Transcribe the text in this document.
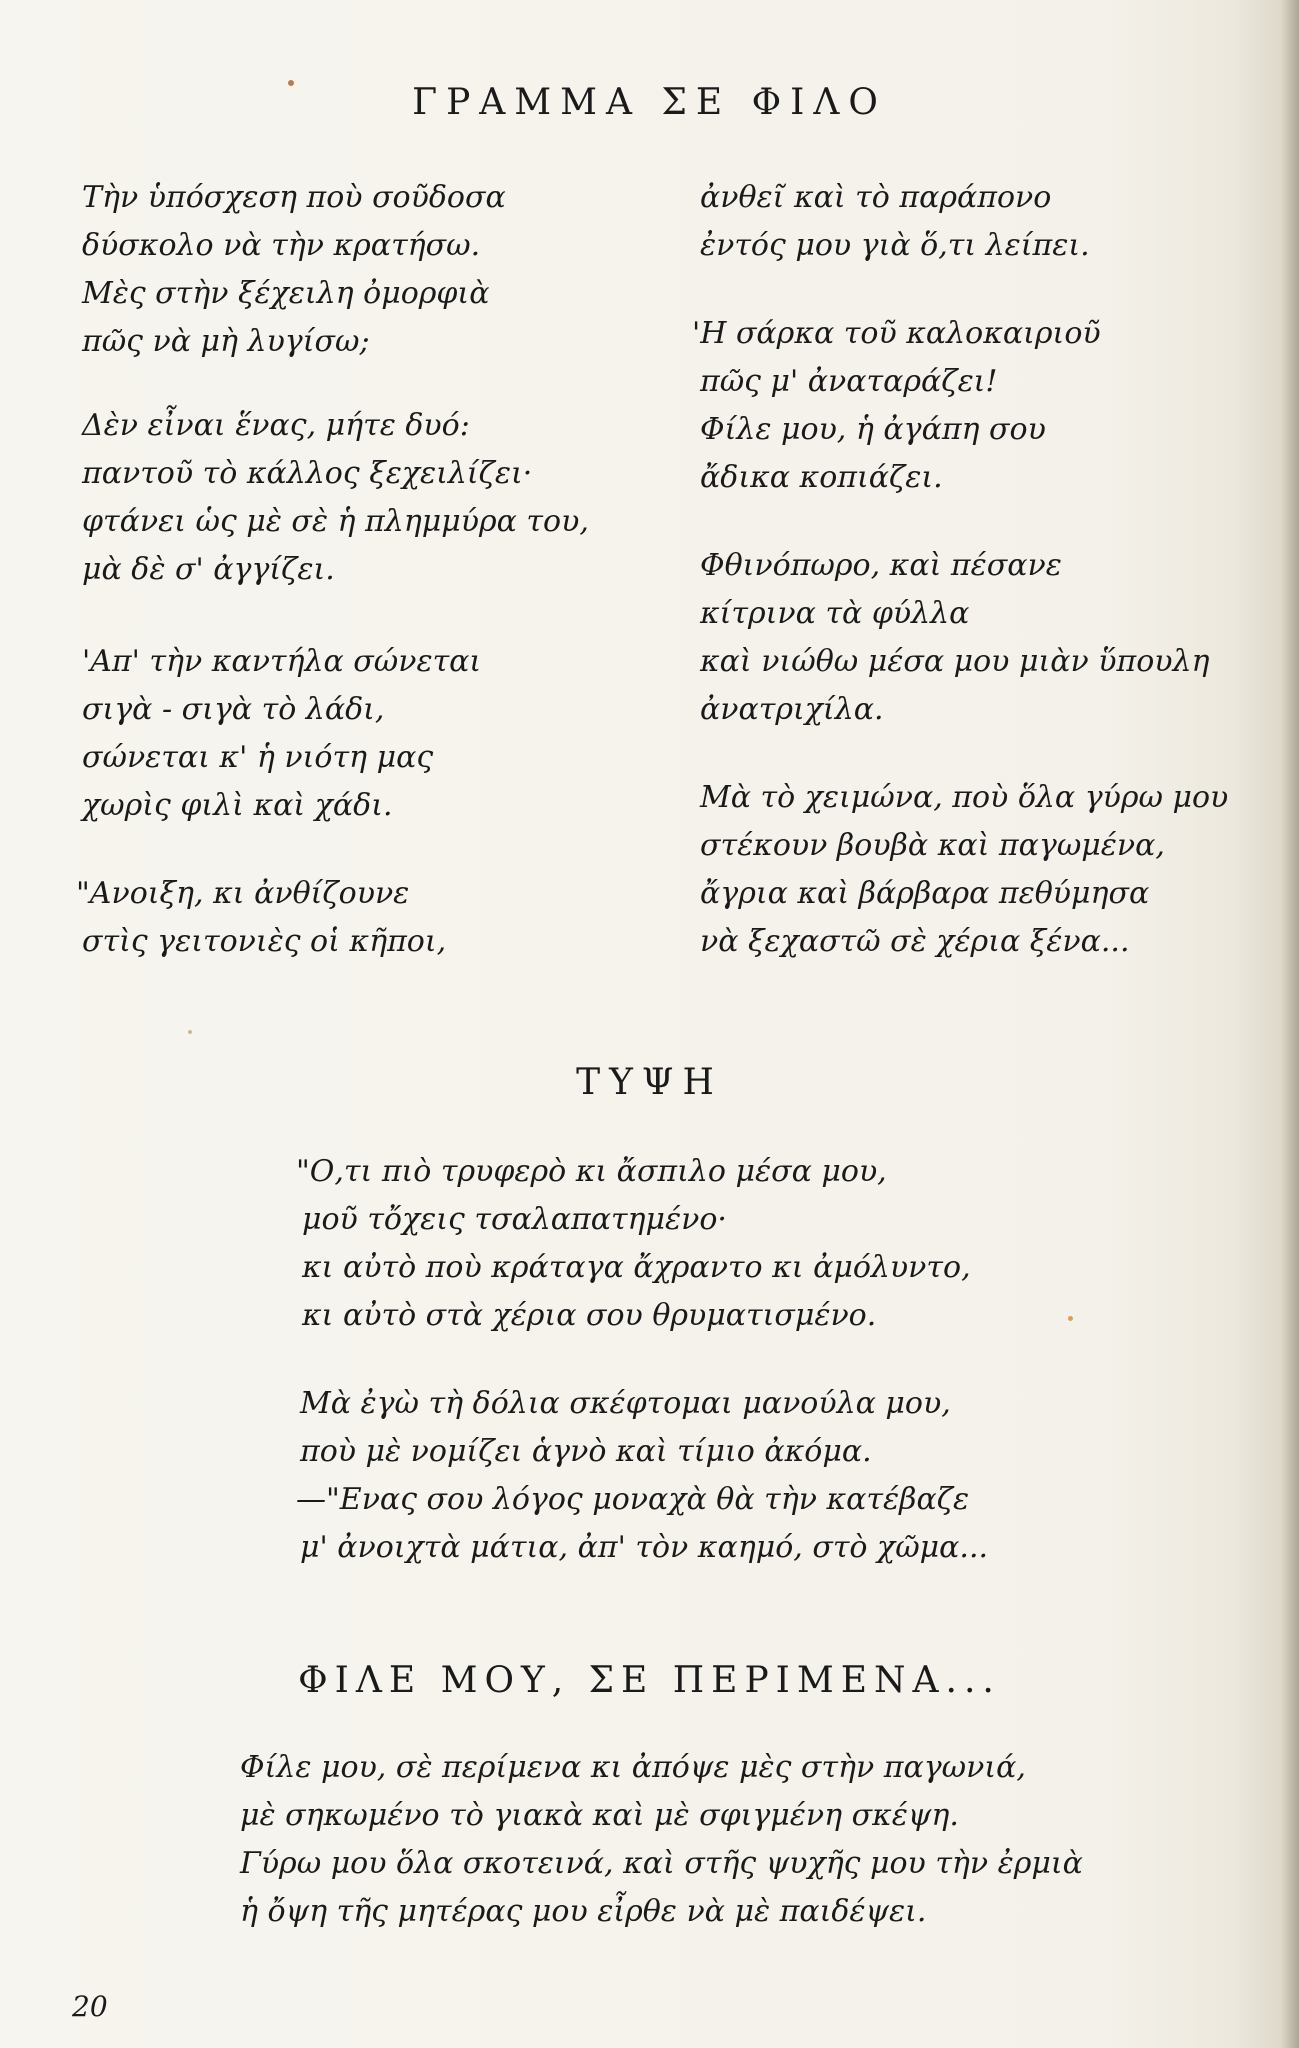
ΓΡΑΜΜΑ ΣΕ ΦΙΛΟ
Τὴν ὑπόσχεση ποὺ σοῦδοσα
δύσκολο νὰ τὴν κρατήσω.
Μὲς στὴν ξέχειλη ὀμορφιὰ
πῶς νὰ μὴ λυγίσω;
Δὲν εἶναι ἕνας, μήτε δυό:
παντοῦ τὸ κάλλος ξεχειλίζει·
φτάνει ὡς μὲ σὲ ἡ πλημμύρα του,
μὰ δὲ σ' ἀγγίζει.
'Απ' τὴν καντήλα σώνεται
σιγὰ - σιγὰ τὸ λάδι,
σώνεται κ' ἡ νιότη μας
χωρὶς φιλὶ καὶ χάδι.
"Ανοιξη, κι ἀνθίζουνε
στὶς γειτονιὲς οἱ κῆποι,
ἀνθεῖ καὶ τὸ παράπονο
ἐντός μου γιὰ ὅ,τι λείπει.
'Η σάρκα τοῦ καλοκαιριοῦ
πῶς μ' ἀναταράζει!
Φίλε μου, ἡ ἀγάπη σου
ἄδικα κοπιάζει.
Φθινόπωρο, καὶ πέσανε
κίτρινα τὰ φύλλα
καὶ νιώθω μέσα μου μιὰν ὕπουλη
ἀνατριχίλα.
Μὰ τὸ χειμώνα, ποὺ ὅλα γύρω μου
στέκουν βουβὰ καὶ παγωμένα,
ἄγρια καὶ βάρβαρα πεθύμησα
νὰ ξεχαστῶ σὲ χέρια ξένα...
ΤΥΨΗ
"Ο,τι πιὸ τρυφερὸ κι ἄσπιλο μέσα μου,
μοῦ τὄχεις τσαλαπατημένο·
κι αὐτὸ ποὺ κράταγα ἄχραντο κι ἀμόλυντο,
κι αὐτὸ στὰ χέρια σου θρυματισμένο.
Μὰ ἐγὼ τὴ δόλια σκέφτομαι μανούλα μου,
ποὺ μὲ νομίζει ἁγνὸ καὶ τίμιο ἀκόμα.
—"Ενας σου λόγος μοναχὰ θὰ τὴν κατέβαζε
μ' ἀνοιχτὰ μάτια, ἀπ' τὸν καημό, στὸ χῶμα...
ΦΙΛΕ ΜΟΥ, ΣΕ ΠΕΡΙΜΕΝΑ...
Φίλε μου, σὲ περίμενα κι ἀπόψε μὲς στὴν παγωνιά,
μὲ σηκωμένο τὸ γιακὰ καὶ μὲ σφιγμένη σκέψη.
Γύρω μου ὅλα σκοτεινά, καὶ στῆς ψυχῆς μου τὴν ἐρμιὰ
ἡ ὄψη τῆς μητέρας μου εἶρθε νὰ μὲ παιδέψει.

20
